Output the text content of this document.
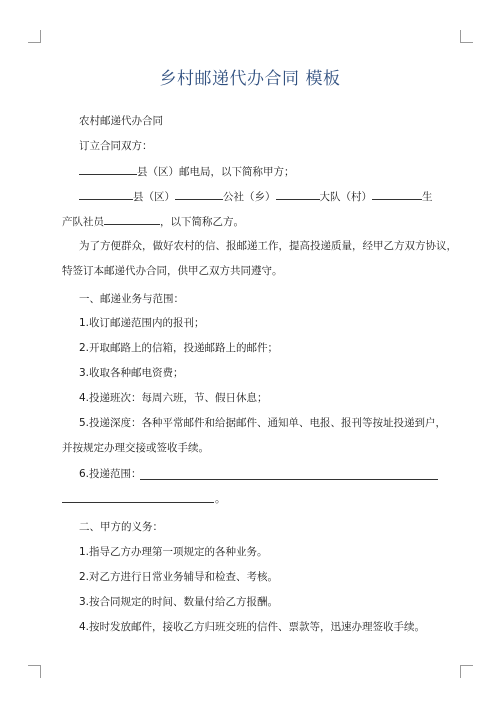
乡村邮递代办合同 模板
农村邮递代办合同
订立合同双方：
县（区）邮电局，以下简称甲方；
县（区）	公社（乡）	大队（村）	生
产队社员	，以下简称乙方。
为了方便群众，做好农村的信、报邮递工作，提高投递质量，经甲乙方双方协议，
特签订本邮递代办合同，供甲乙双方共同遵守。
一、邮递业务与范围：
1.收订邮递范围内的报刊；
2.开取邮路上的信箱，投递邮路上的邮件；
3.收取各种邮电资费；
4.投递班次：每周六班，节、假日休息；
5.投递深度：各种平常邮件和给据邮件、通知单、电报、报刊等按址投递到户，
并按规定办理交接或签收手续。
6.投递范围：
。
二、甲方的义务：
1.指导乙方办理第一项规定的各种业务。
2.对乙方进行日常业务辅导和检查、考核。
3.按合同规定的时间、数量付给乙方报酬。
4.按时发放邮件，接收乙方归班交班的信件、票款等，迅速办理签收手续。
